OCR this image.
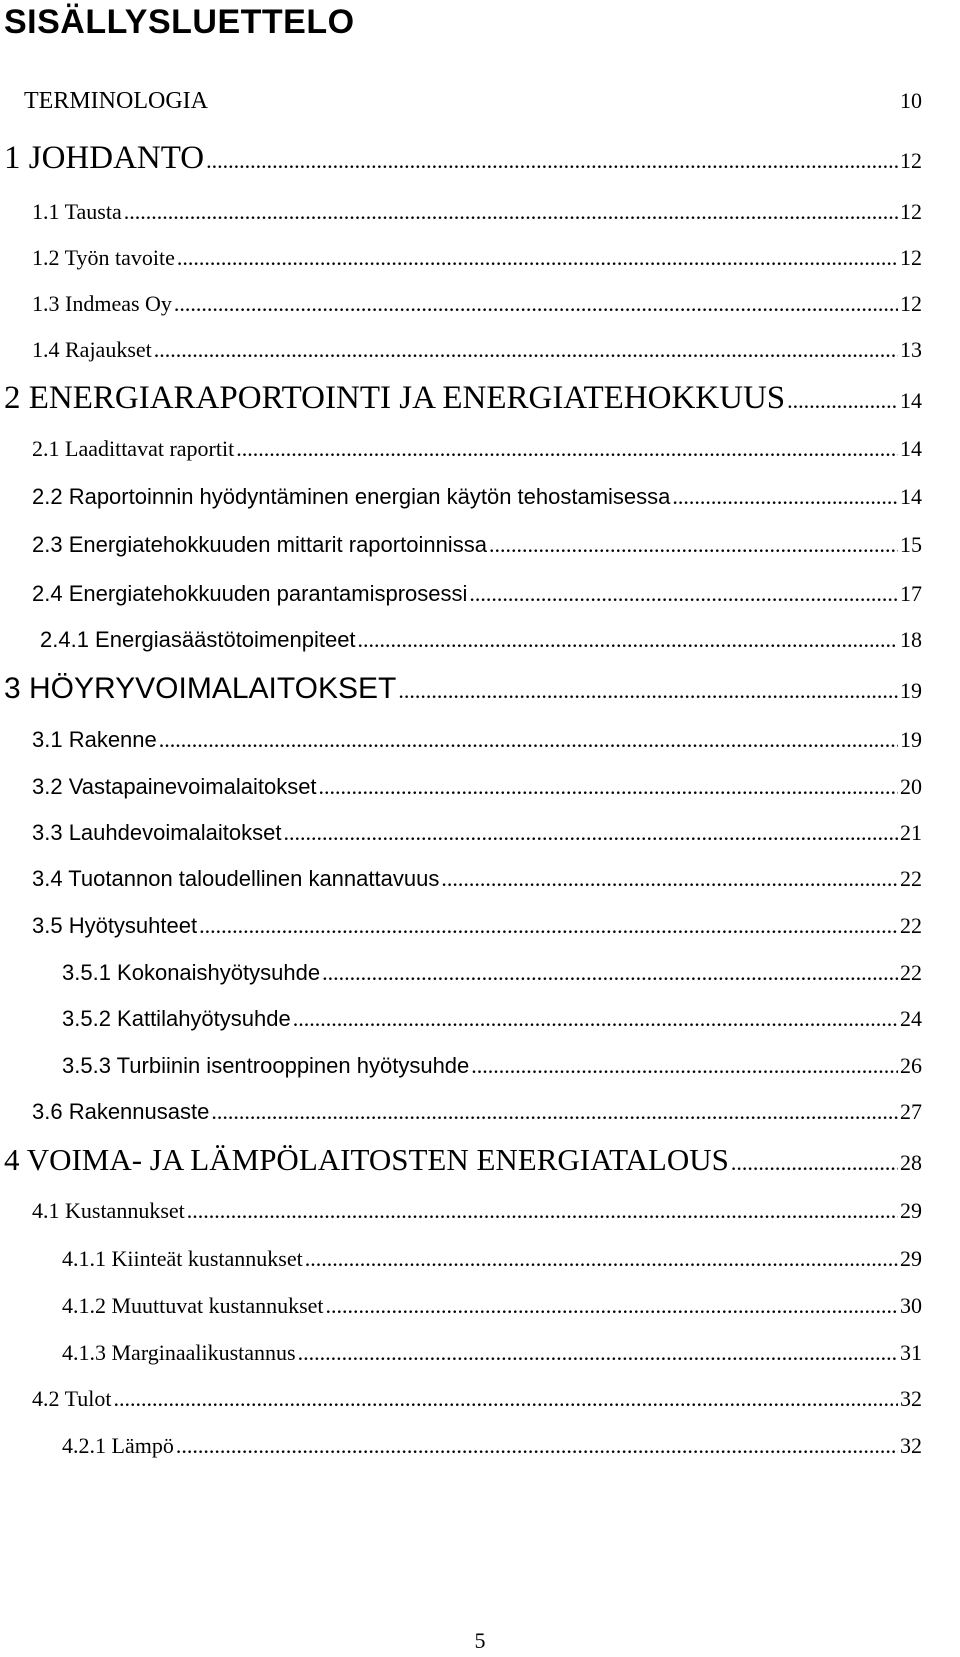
SISÄLLYSLUETTELO
TERMINOLOGIA	10
1 JOHDANTO .....	12
1.1 Tausta .....	12
1.2 Työn tavoite .....	12
1.3 Indmeas Oy .....	12
1.4 Rajaukset .....	13
2 ENERGIARAPORTOINTI JA ENERGIATEHOKKUUS .....	14
2.1 Laadittavat raportit .....	14
2.2 Raportoinnin hyödyntäminen energian käytön tehostamisessa .....	14
2.3 Energiatehokkuuden mittarit raportoinnissa .....	15
2.4 Energiatehokkuuden parantamisprosessi .....	17
2.4.1 Energiasäästötoimenpiteet .....	18
3 HÖYRYVOIMALAITOKSET .....	19
3.1 Rakenne .....	19
3.2 Vastapainevoimalaitokset .....	20
3.3 Lauhdevoimalaitokset .....	21
3.4 Tuotannon taloudellinen kannattavuus .....	22
3.5 Hyötysuhteet .....	22
3.5.1 Kokonaishyötysuhde .....	22
3.5.2 Kattilahyötysuhde .....	24
3.5.3 Turbiinin isentrooppinen hyötysuhde .....	26
3.6 Rakennusaste .....	27
4 VOIMA- JA LÄMPÖLAITOSTEN ENERGIATALOUS .....	28
4.1 Kustannukset .....	29
4.1.1 Kiinteät kustannukset .....	29
4.1.2 Muuttuvat kustannukset .....	30
4.1.3 Marginaalikustannus .....	31
4.2 Tulot .....	32
4.2.1 Lämpö .....	32
5
